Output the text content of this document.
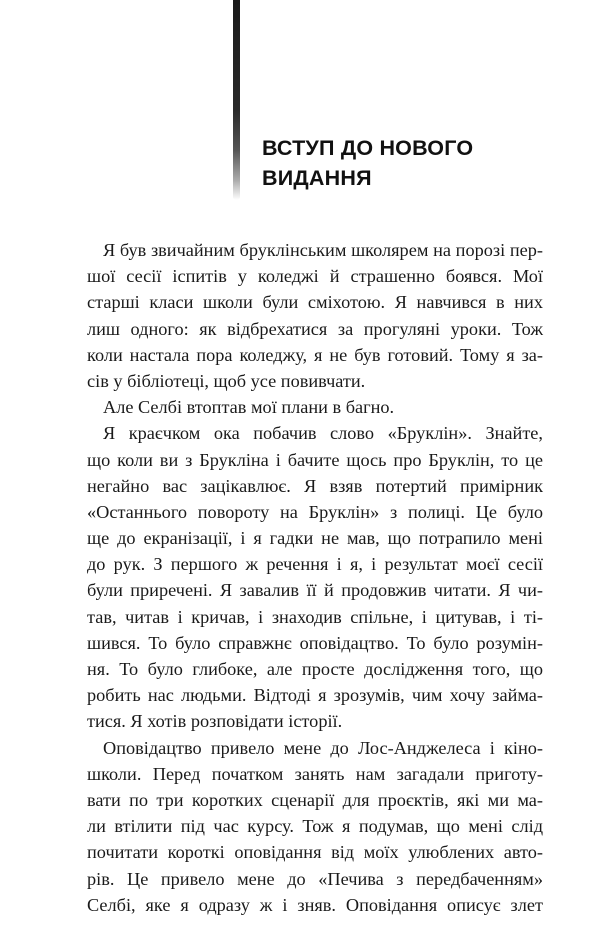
ВСТУП ДО НОВОГО
ВИДАННЯ
Я був звичайним бруклінським школярем на порозі пер-
шої сесії іспитів у коледжі й страшенно боявся. Мої
старші класи школи були сміхотою. Я навчився в них
лиш одного: як відбрехатися за прогуляні уроки. Тож
коли настала пора коледжу, я не був готовий. Тому я за-
сів у бібліотеці, щоб усе повивчати.
Але Селбі втоптав мої плани в багно.
Я краєчком ока побачив слово «Бруклін». Знайте,
що коли ви з Брукліна і бачите щось про Бруклін, то це
негайно вас зацікавлює. Я взяв потертий примірник
«Останнього повороту на Бруклін» з полиці. Це було
ще до екранізації, і я гадки не мав, що потрапило мені
до рук. З першого ж речення і я, і результат моєї сесії
були приречені. Я завалив її й продовжив читати. Я чи-
тав, читав і кричав, і знаходив спільне, і цитував, і ті-
шився. То було справжнє оповідацтво. То було розумін-
ня. То було глибоке, але просте дослідження того, що
робить нас людьми. Відтоді я зрозумів, чим хочу займа-
тися. Я хотів розповідати історії.
Оповідацтво привело мене до Лос-Анджелеса і кіно-
школи. Перед початком занять нам загадали приготу-
вати по три коротких сценарії для проєктів, які ми ма-
ли втілити під час курсу. Тож я подумав, що мені слід
почитати короткі оповідання від моїх улюблених авто-
рів. Це привело мене до «Печива з передбаченням»
Селбі, яке я одразу ж і зняв. Оповідання описує злет
